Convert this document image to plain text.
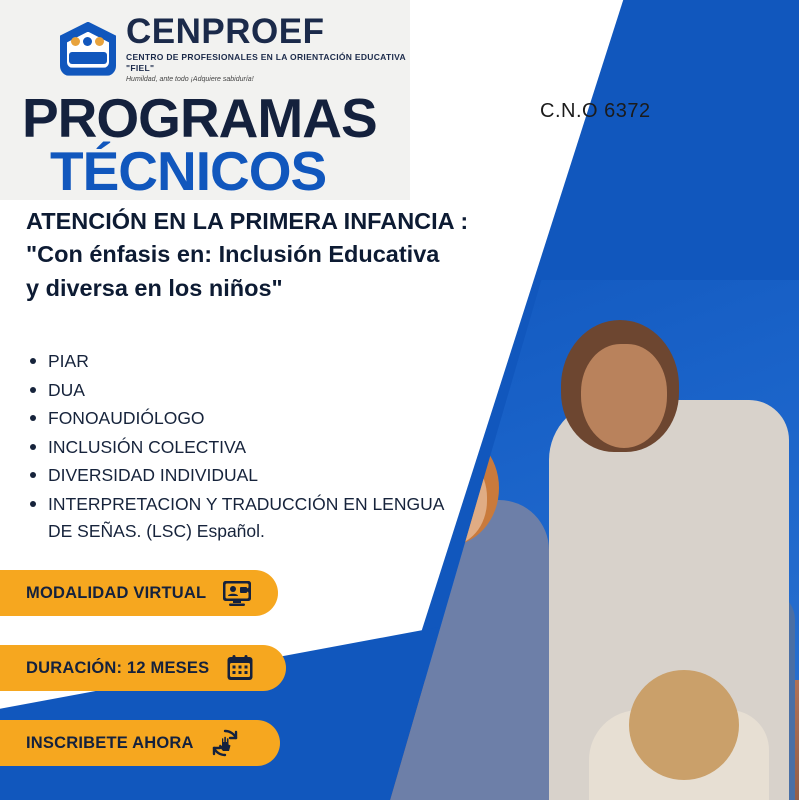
CENPROEF
CENTRO DE PROFESIONALES EN LA ORIENTACIÓN EDUCATIVA "FIEL"
Humildad, ante todo ¡Adquiere sabiduría!
PROGRAMAS
TÉCNICOS
C.N.O 6372
ATENCIÓN EN LA PRIMERA INFANCIA :
"Con énfasis en: Inclusión Educativa
y diversa en los niños"
PIAR
DUA
FONOAUDIÓLOGO
INCLUSIÓN COLECTIVA
DIVERSIDAD INDIVIDUAL
INTERPRETACION Y TRADUCCIÓN EN LENGUA DE SEÑAS. (LSC) Español.
MODALIDAD VIRTUAL
DURACIÓN: 12 MESES
INSCRIBETE AHORA
